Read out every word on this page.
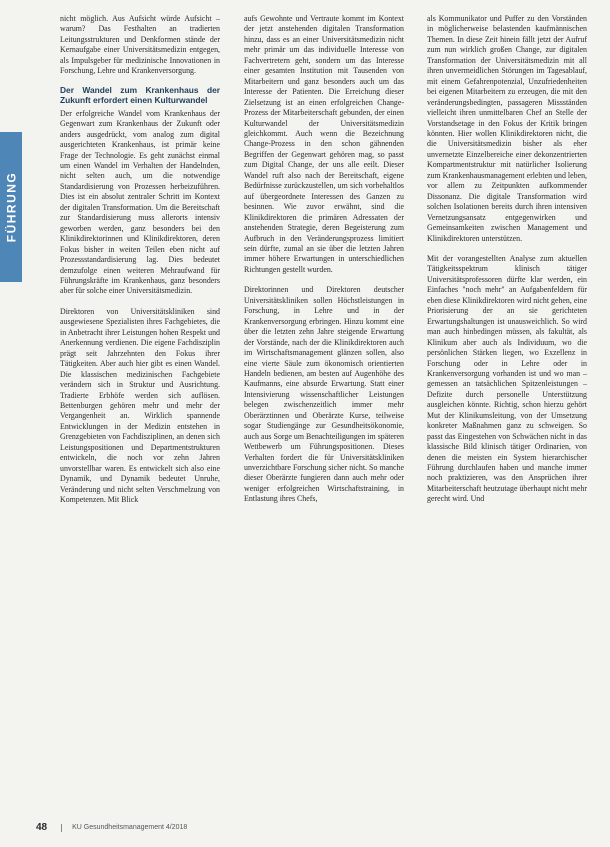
FÜHRUNG

nicht möglich. Aus Aufsicht würde Aufsicht – warum? Das Festhalten an tradierten Leitungsstrukturen und Denkformen stände der Kernaufgabe einer Universitätsmedizin entgegen, als Impulsgeber für medizinische Innovationen in Forschung, Lehre und Krankenversorgung.

Der Wandel zum Krankenhaus der Zukunft erfordert einen Kulturwandel

Der erfolgreiche Wandel vom Krankenhaus der Gegenwart zum Krankenhaus der Zukunft oder anders ausgedrückt, vom analog zum digital ausgerichteten Krankenhaus, ist primär keine Frage der Technologie. Es geht zunächst einmal um einen Wandel im Verhalten der Handelnden, nicht selten auch, um die notwendige Standardisierung von Prozessen herbeizuführen. Dies ist ein absolut zentraler Schritt im Kontext der digitalen Transformation. Um die Bereitschaft zur Standardisierung muss allerorts intensiv geworben werden, ganz besonders bei den Klinikdirektorinnen und Klinikdirektoren, deren Fokus bisher in weiten Teilen eben nicht auf Prozessstandardisierung lag. Dies bedeutet demzufolge einen weiteren Mehraufwand für Führungskräfte im Krankenhaus, ganz besonders aber für solche einer Universitätsmedizin.

Direktoren von Universitätskliniken sind ausgewiesene Spezialisten ihres Fachgebietes, die in Anbetracht ihrer Leistungen hohen Respekt und Anerkennung verdienen. Die eigene Fachdisziplin prägt seit Jahrzehnten den Fokus ihrer Tätigkeiten. Aber auch hier gibt es einen Wandel. Die klassischen medizinischen Fachgebiete verändern sich in Struktur und Ausrichtung. Tradierte Erbhöfe werden sich auflösen. Bettenburgen gehören mehr und mehr der Vergangenheit an. Wirklich spannende Entwicklungen in der Medizin entstehen in Grenzgebieten von Fachdisziplinen, an denen sich Leistungspositionen und Departmentstrukturen entwickeln, die noch vor zehn Jahren unvorstellbar waren. Es entwickelt sich also eine Dynamik, und Dynamik bedeutet Unruhe, Veränderung und nicht selten Verschmelzung von Kompetenzen. Mit Blick

aufs Gewohnte und Vertraute kommt im Kontext der jetzt anstehenden digitalen Transformation hinzu, dass es an einer Universitätsmedizin nicht mehr primär um das individuelle Interesse von Fachvertretern geht, sondern um das Interesse einer gesamten Institution mit Tausenden von Mitarbeitern und ganz besonders auch um das Interesse der Patienten. Die Erreichung dieser Zielsetzung ist an einen erfolgreichen Change-Prozess der Mitarbeiterschaft gebunden, der einen Kulturwandel der Universitätsmedizin gleichkommt. Auch wenn die Bezeichnung Change-Prozess in den schon gähnenden Begriffen der Gegenwart gehören mag, so passt zum Digital Change, der uns alle eeilt. Dieser Wandel ruft also nach der Bereitschaft, eigene Bedürfnisse zurückzustellen, um sich vorbehaltlos auf übergeordnete Interessen des Ganzen zu besinnen. Wie zuvor erwähnt, sind die Klinikdirektoren die primären Adressaten der anstehenden Strategie, deren Begeisterung zum Aufbruch in den Veränderungsprozess limitiert sein dürfte, zumal an sie über die letzten Jahren immer höhere Erwartungen in unterschiedlichen Richtungen gestellt wurden.

Direktorinnen und Direktoren deutscher Universitätskliniken sollen Höchstleistungen in Forschung, in Lehre und in der Krankenversorgung erbringen. Hinzu kommt eine über die letzten zehn Jahre steigende Erwartung der Vorstände, nach der die Klinikdirektoren auch im Wirtschaftsmanagement glänzen sollen, also eine vierte Säule zum ökonomisch orientierten Handeln bedienen, am besten auf Augenhöhe des Kaufmanns, eine absurde Erwartung. Statt einer Intensivierung wissenschaftlicher Leistungen belegen zwischenzeitlich immer mehr Oberärztinnen und Oberärzte Kurse, teilweise sogar Studiengänge zur Gesundheitsökonomie, auch aus Sorge um Benachteiligungen im späteren Wettbewerb um Führungspositionen. Dieses Verhalten fordert die für Universitätskliniken unverzichtbare Forschung sicher nicht. So manche dieser Oberärzte fungieren dann auch mehr oder weniger erfolgreichen Wirtschaftstraining, in Entlastung ihres Chefs,

als Kommunikator und Puffer zu den Vorständen in möglicherweise belastenden kaufmännischen Themen. In diese Zeit hinein fällt jetzt der Aufruf zum nun wirklich großen Change, zur digitalen Transformation der Universitätsmedizin mit all ihren unvermeidlichen Störungen im Tagesablauf, mit einem Gefahrenpotenzial, Unzufriedenheiten bei eigenen Mitarbeitern zu erzeugen, die mit den veränderungsbedingten, passageren Missständen vielleicht ihren unmittelbaren Chef an Stelle der Vorstandsetage in den Fokus der Kritik bringen könnten. Hier wollen Klinikdirektoren nicht, die die Universitätsmedizin bisher als eher unvernetzte Einzelbereiche einer dekonzentrierten Kompartmentstruktur mit natürlicher Isolierung zum Krankenhausmanagement erlebten und leben, vor allem zu Zeitpunkten aufkommender Dissonanz. Die digitale Transformation wird solchen Isolationen bereits durch ihren intensiven Vernetzungsansatz entgegenwirken und Gemeinsamkeiten zwischen Management und Klinikdirektoren unterstützen.

Mit der vorangestellten Analyse zum aktuellen Tätigkeitsspektrum klinisch tätiger Universitätsprofessoren dürfte klar werden, ein Einfaches "noch mehr" an Aufgabenfeldern für eben diese Klinikdirektoren wird nicht gehen, eine Priorisierung der an sie gerichteten Erwartungshaltungen ist unausweichlich. So wird man auch hinbedingen müssen, als fakultät, als Klinikum aber auch als Individuum, wo die persönlichen Stärken liegen, wo Exzellenz in Forschung oder in Lehre oder in Krankenversorgung vorhanden ist und wo man – gemessen an tatsächlichen Spitzenleistungen – Defizite durch personelle Unterstützung ausgleichen könnte. Richtig, schon hierzu gehört Mut der Klinikumsleitung, von der Umsetzung konkreter Maßnahmen ganz zu schweigen. So passt das Eingestehen von Schwächen nicht in das klassische Bild klinisch tätiger Ordinarien, von denen die meisten ein System hierarchischer Führung durchlaufen haben und manche immer noch praktizieren, was den Ansprüchen ihrer Mitarbeiterschaft heutzutage überhaupt nicht mehr gerecht wird. Und

48	KU Gesundheitsmanagement 4/2018
